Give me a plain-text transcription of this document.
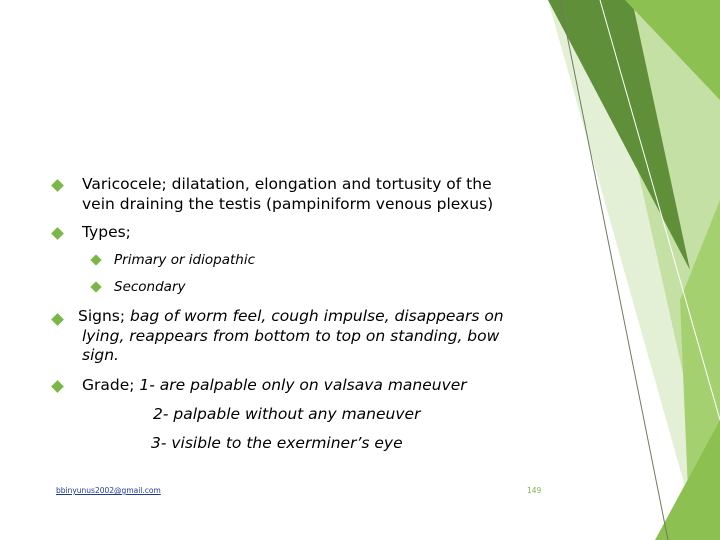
Varicocele; dilatation, elongation and tortusity of the
vein draining the testis (pampiniform venous plexus)
Types;
Primary or idiopathic
Secondary
Signs; bag of worm feel, cough impulse, disappears on
lying, reappears from bottom to top on standing, bow
sign.
Grade; 1- are palpable only on valsava maneuver
2- palpable without any maneuver
3- visible to the exerminer’s eye
bbinyunus2002@gmail.com	149
